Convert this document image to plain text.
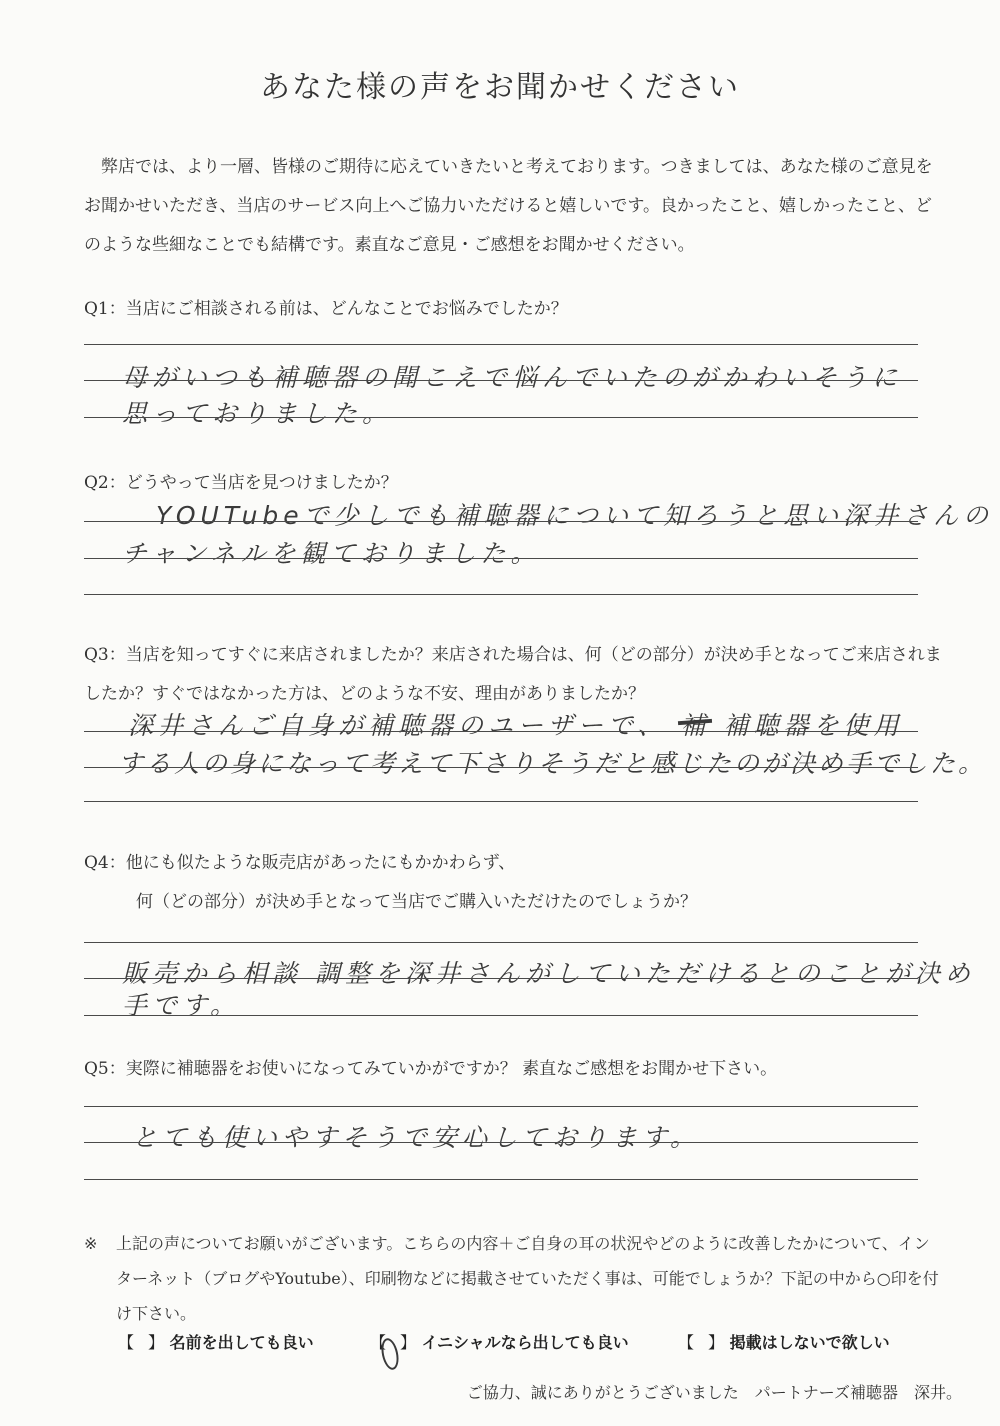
あなた様の声をお聞かせください
弊店では、より一層、皆様のご期待に応えていきたいと考えております。つきましては、あなた様のご意見をお聞かせいただき、当店のサービス向上へご協力いただけると嬉しいです。良かったこと、嬉しかったこと、どのような些細なことでも結構です。素直なご意見・ご感想をお聞かせください。
Q1：当店にご相談される前は、どんなことでお悩みでしたか？
母がいつも補聴器の聞こえで悩んでいたのがかわいそうに
思っておりました。
Q2：どうやって当店を見つけましたか？
YOUTubeで少しでも補聴器について知ろうと思い深井さんの
チャンネルを観ておりました。
Q3：当店を知ってすぐに来店されましたか？来店された場合は、何（どの部分）が決め手となってご来店されましたか？すぐではなかった方は、どのような不安、理由がありましたか？
深井さんご自身が補聴器のユーザーで、 補 補聴器を使用
する人の身になって考えて下さりそうだと感じたのが決め手でした。
Q4：他にも似たような販売店があったにもかかわらず、
何（どの部分）が決め手となって当店でご購入いただけたのでしょうか？
販売から相談 調整を深井さんがしていただけるとのことが決め
手です。
Q5：実際に補聴器をお使いになってみていかがですか？ 素直なご感想をお聞かせ下さい。
とても使いやすそうで安心しております。
※	上記の声についてお願いがございます。こちらの内容＋ご自身の耳の状況やどのように改善したかについて、インターネット（ブログやYoutube）、印刷物などに掲載させていただく事は、可能でしょうか？下記の中から○印を付け下さい。
【 】 名前を出しても良い	【 】 イニシャルなら出しても良い	【 】 掲載はしないで欲しい
ご協力、誠にありがとうございました　パートナーズ補聴器　深井。
